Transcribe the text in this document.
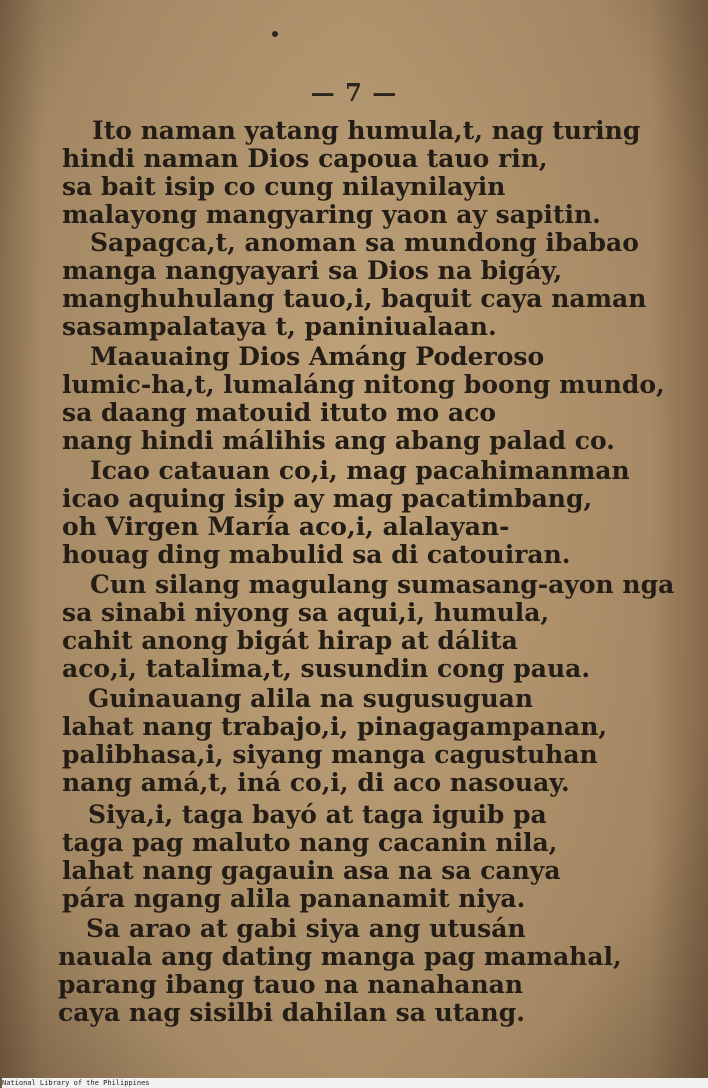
— 7 —
Ito naman yatang humula,t, nag turing
hindi naman Dios capoua tauo rin,
sa bait isip co cung nilaynilayin
malayong mangyaring yaon ay sapitin.
Sapagca,t, anoman sa mundong ibabao
manga nangyayari sa Dios na bigáy,
manghuhulang tauo,i, baquit caya naman
sasampalataya t, paniniualaan.
Maauaing Dios Amáng Poderoso
lumic-ha,t, lumaláng nitong boong mundo,
sa daang matouid ituto mo aco
nang hindi málihis ang abang palad co.
Icao catauan co,i, mag pacahimanman
icao aquing isip ay mag pacatimbang,
oh Virgen María aco,i, alalayan-
houag ding mabulid sa di catouiran.
Cun silang magulang sumasang-ayon nga
sa sinabi niyong sa aqui,i, humula,
cahit anong bigát hirap at dálita
aco,i, tatalima,t, susundin cong paua.
Guinauang alila na sugusuguan
lahat nang trabajo,i, pinagagampanan,
palibhasa,i, siyang manga cagustuhan
nang amá,t, iná co,i, di aco nasouay.
Siya,i, taga bayó at taga iguib pa
taga pag maluto nang cacanin nila,
lahat nang gagauin asa na sa canya
pára ngang alila pananamit niya.
Sa arao at gabi siya ang utusán
nauala ang dating manga pag mamahal,
parang ibang tauo na nanahanan
caya nag sisilbi dahilan sa utang.
National Library of the Philippines
